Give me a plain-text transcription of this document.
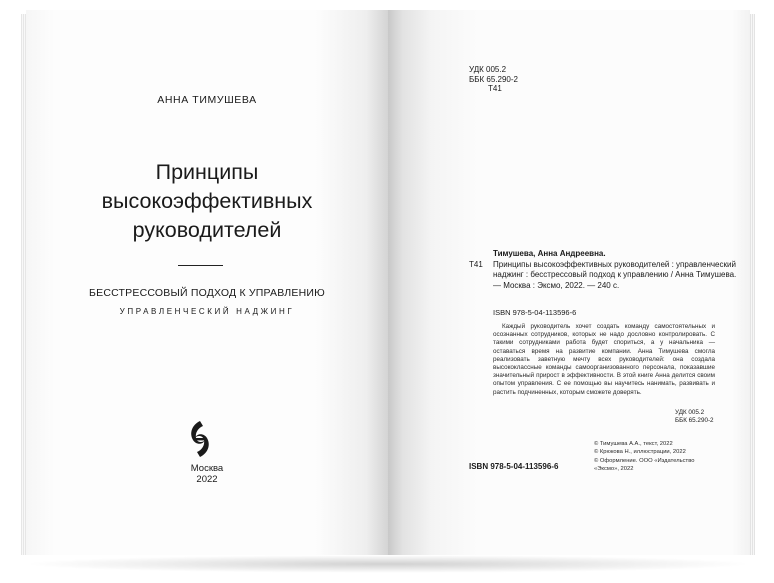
АННА ТИМУШЕВА
Принципы
высокоэффективных
руководителей
БЕССТРЕССОВЫЙ ПОДХОД К УПРАВЛЕНИЮ
УПРАВЛЕНЧЕСКИЙ НАДЖИНГ
Москва
2022
УДК 005.2
ББК 65.290-2
Т41
Тимушева, Анна Андреевна.
Т41	Принципы высокоэффективных руководителей : управленческий наджинг : бесстрессовый подход к управлению / Анна Тимушева. — Москва : Эксмо, 2022. — 240 с.
ISBN 978-5-04-113596-6
Каждый руководитель хочет создать команду самостоятельных и осознанных сотрудников, которых не надо дословно контролировать. С такими сотрудниками работа будет спориться, а у начальника — оставаться время на развитие компании. Анна Тимушева смогла реализовать заветную мечту всех руководителей: она создала высококлассные команды самоорганизованного персонала, показавшие значительный прирост в эффективности. В этой книге Анна делится своим опытом управления. С ее помощью вы научитесь нанимать, развивать и растить подчиненных, которым сможете доверять.
УДК 005.2
ББК 65.290-2
© Тимушева А.А., текст, 2022
© Крюкова Н., иллюстрации, 2022
© Оформление. ООО «Издательство
«Эксмо», 2022
ISBN 978-5-04-113596-6
